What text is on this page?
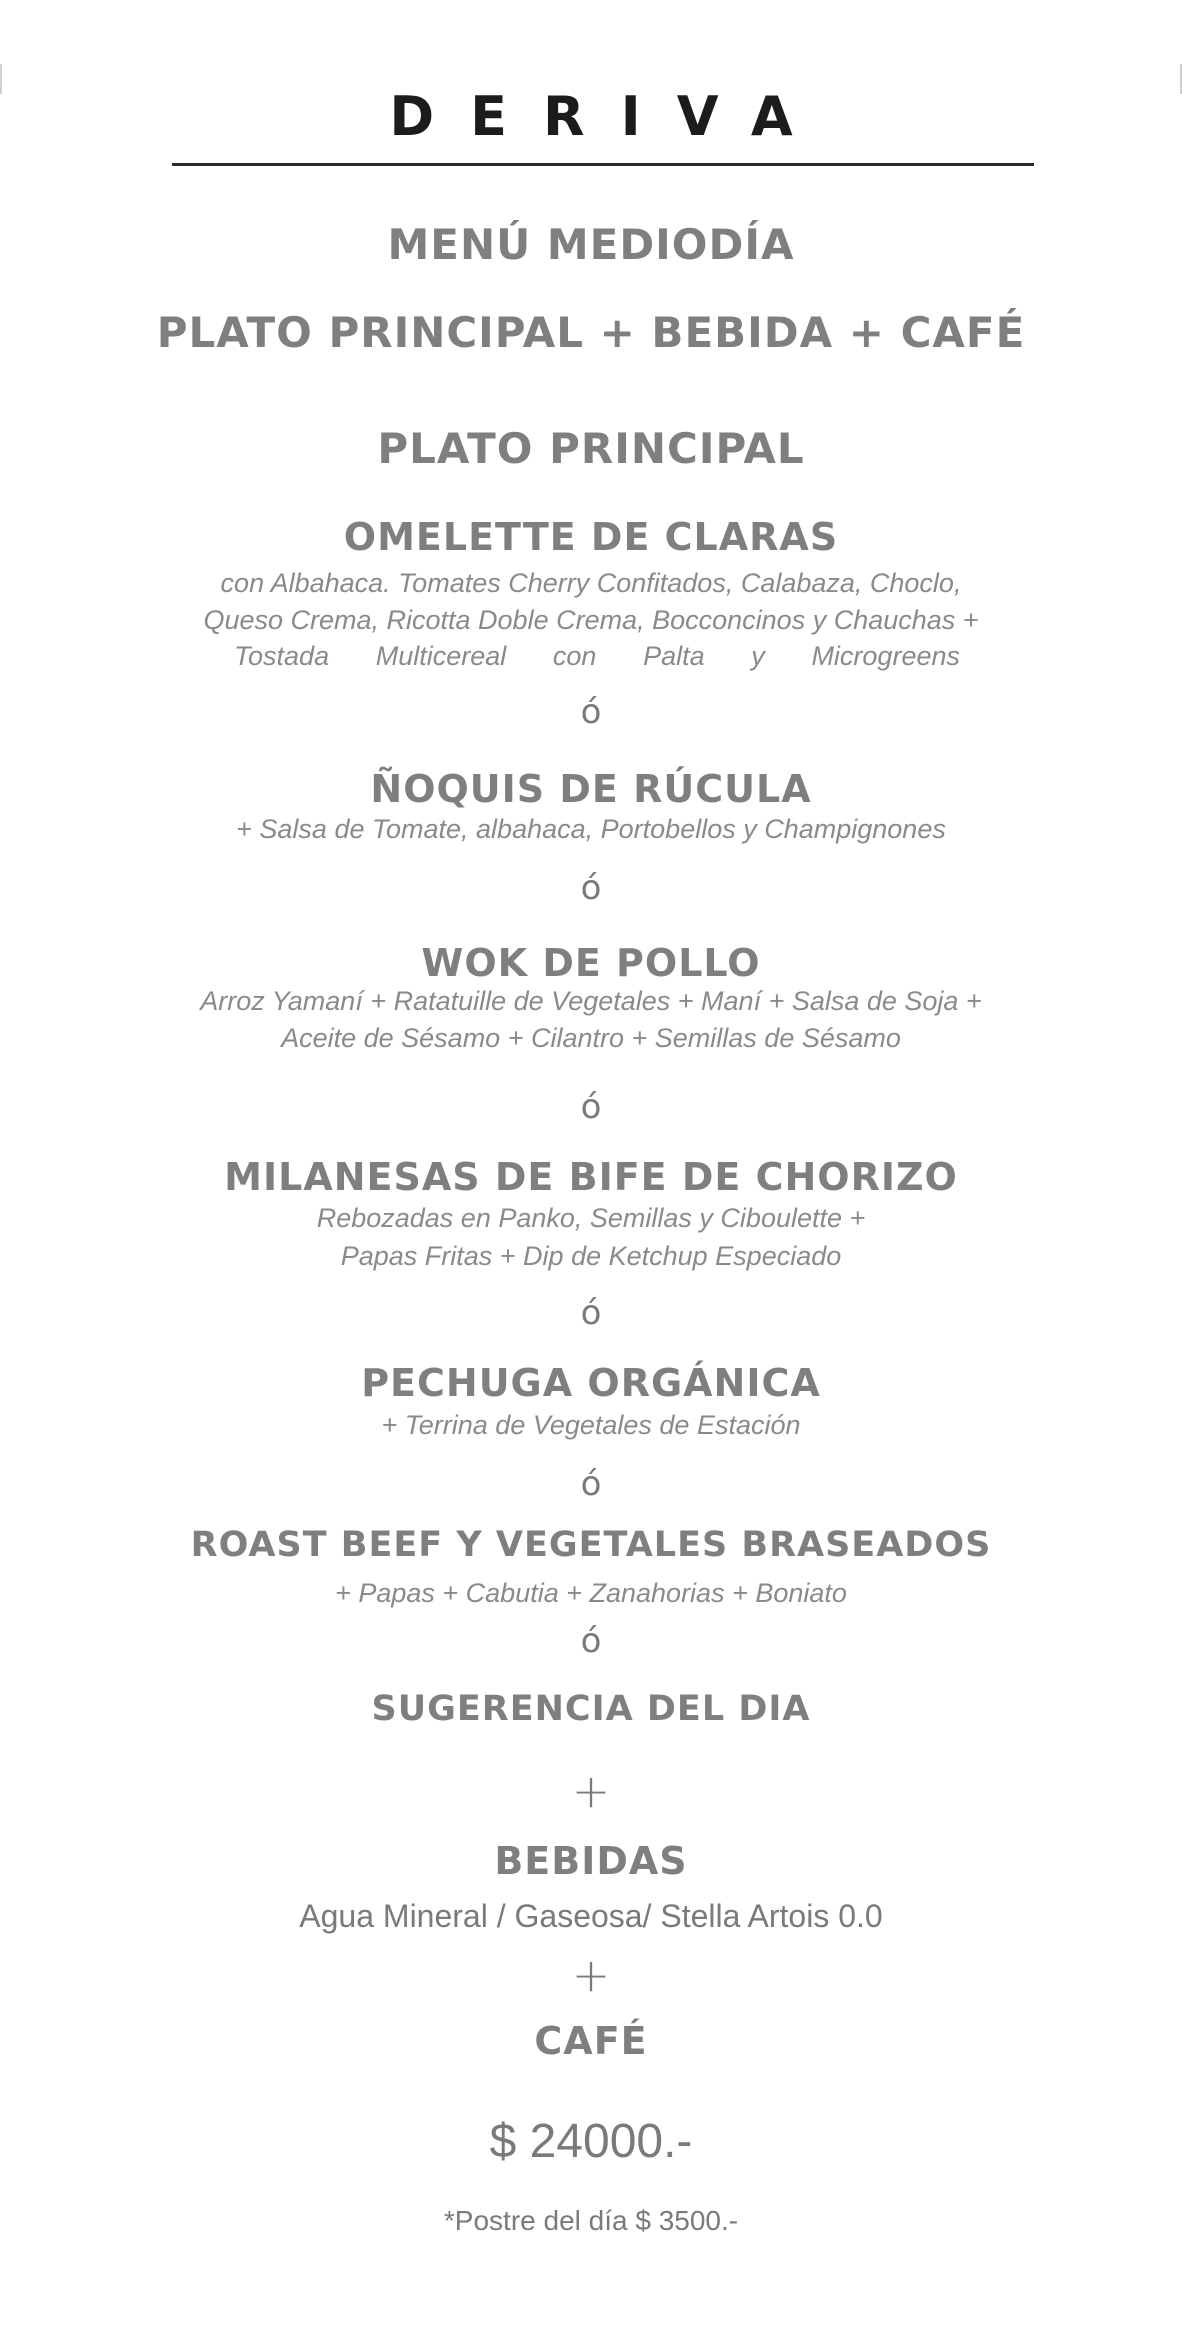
DERIVA
MENÚ MEDIODÍA
PLATO PRINCIPAL + BEBIDA + CAFÉ
PLATO PRINCIPAL
OMELETTE DE CLARAS
con Albahaca. Tomates Cherry Confitados, Calabaza, Choclo,
Queso Crema, Ricotta Doble Crema, Bocconcinos y Chauchas +
Tostada Multicereal con Palta y Microgreens
ó
ÑOQUIS DE RÚCULA
+ Salsa de Tomate, albahaca, Portobellos y Champignones
ó
WOK DE POLLO
Arroz Yamaní + Ratatuille de Vegetales + Maní + Salsa de Soja +
Aceite de Sésamo + Cilantro + Semillas de Sésamo
ó
MILANESAS DE BIFE DE CHORIZO
Rebozadas en Panko, Semillas y Ciboulette +
Papas Fritas + Dip de Ketchup Especiado
ó
PECHUGA ORGÁNICA
+ Terrina de Vegetales de Estación
ó
ROAST BEEF Y VEGETALES BRASEADOS
+ Papas + Cabutia + Zanahorias + Boniato
ó
SUGERENCIA DEL DIA
+
BEBIDAS
Agua Mineral / Gaseosa/ Stella Artois 0.0
+
CAFÉ
$ 24000.-
*Postre del día $ 3500.-
